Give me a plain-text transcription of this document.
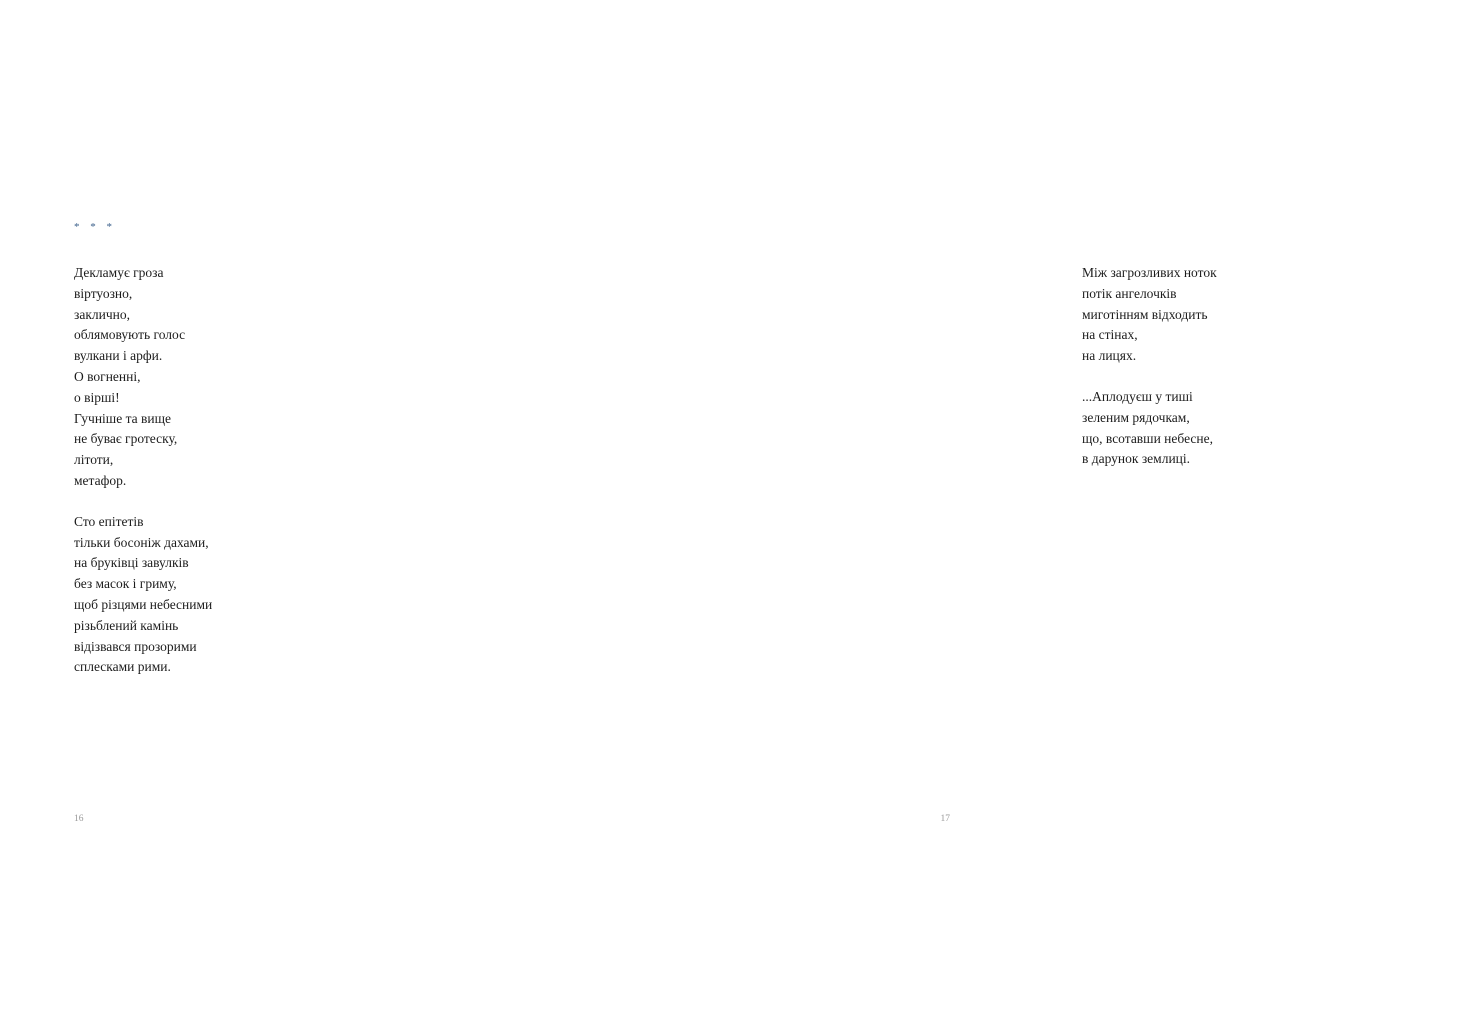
* * *
Декламує гроза
віртуозно,
заклично,
облямовують голос
вулкани і арфи.
О вогненні,
о вірші!
Гучніше та вище
не буває гротеску,
літоти,
метафор.
Сто епітетів
тільки босоніж дахами,
на бруківці завулків
без масок і гриму,
щоб різцями небесними
різьблений камінь
відізвався прозорими
сплесками рими.
16
Між загрозливих ноток
потік ангелочків
миготінням відходить
на стінах,
на лицях.
...Аплодуєш у тиші
зеленим рядочкам,
що, всотавши небесне,
в дарунок землиці.
17
